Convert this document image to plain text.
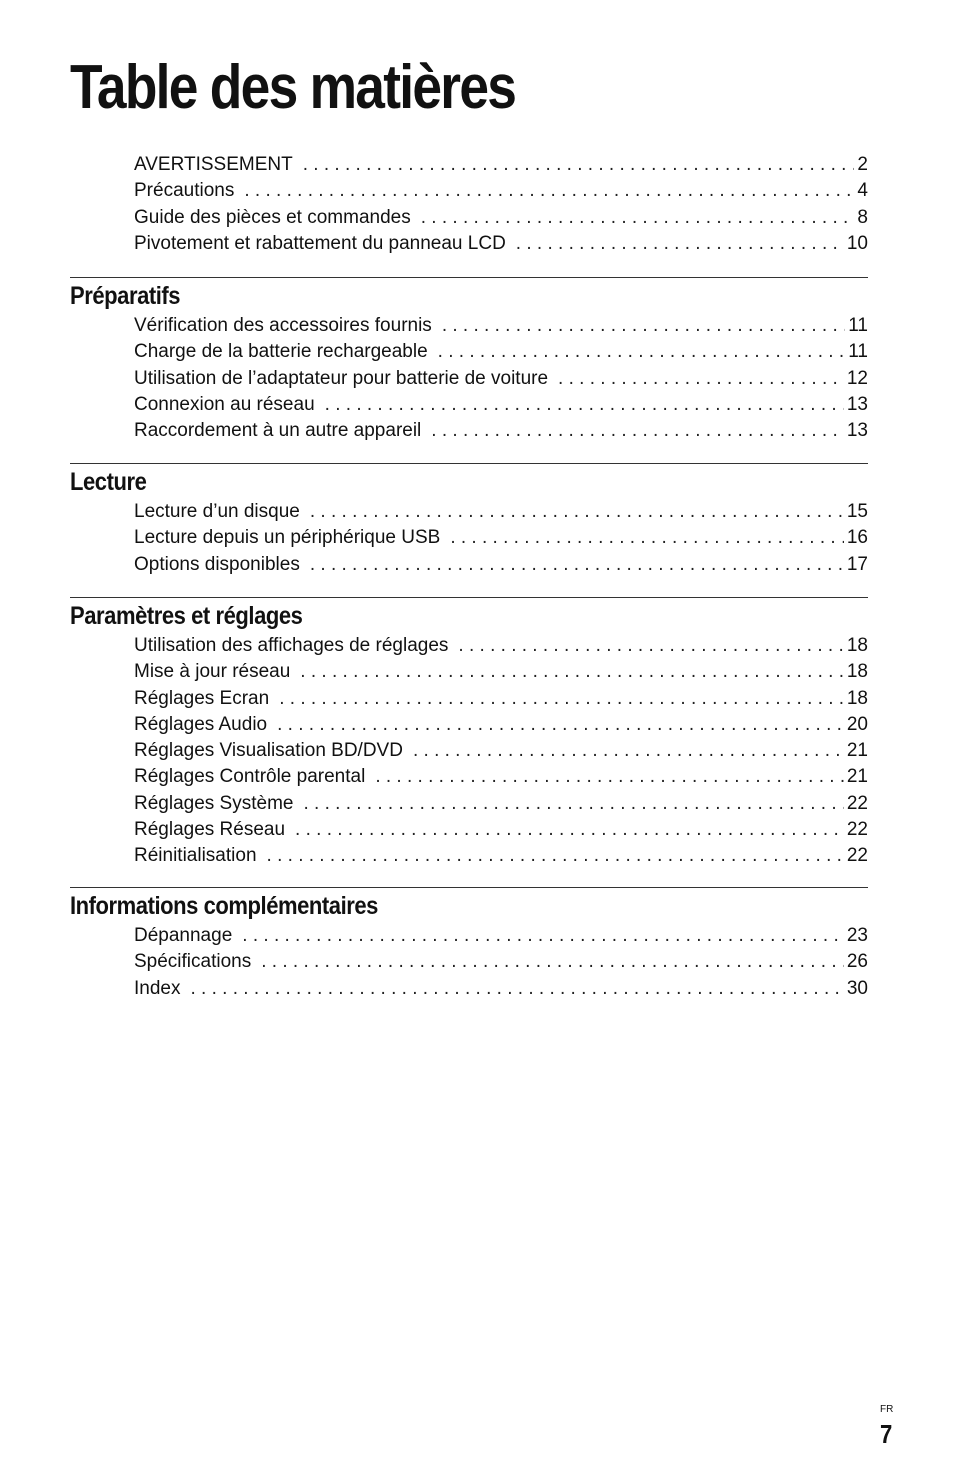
Table des matières
AVERTISSEMENT . . .	2
Précautions . . .	4
Guide des pièces et commandes . . .	8
Pivotement et rabattement du panneau LCD . . .	10
Préparatifs
Vérification des accessoires fournis . . .	11
Charge de la batterie rechargeable . . .	11
Utilisation de l’adaptateur pour batterie de voiture . . .	12
Connexion au réseau . . .	13
Raccordement à un autre appareil . . .	13
Lecture
Lecture d’un disque . . .	15
Lecture depuis un périphérique USB . . .	16
Options disponibles . . .	17
Paramètres et réglages
Utilisation des affichages de réglages . . .	18
Mise à jour réseau . . .	18
Réglages Ecran . . .	18
Réglages Audio . . .	20
Réglages Visualisation BD/DVD . . .	21
Réglages Contrôle parental . . .	21
Réglages Système . . .	22
Réglages Réseau . . .	22
Réinitialisation . . .	22
Informations complémentaires
Dépannage . . .	23
Spécifications . . .	26
Index . . .	30
FR
7
